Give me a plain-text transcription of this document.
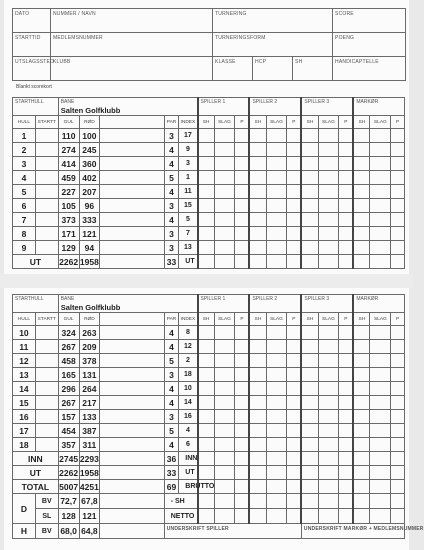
DATO	NUMMER / NAVN	TURNERING			SCORE

STARTTID	MEDLEMSNUMMER	TURNERINGSFORM			POENG

UTSLAGSSTED	KLUBB	KLASSE	HCP	SH	HANDICAPTELLE
Blankt scorekort
STARTHULL		BANE
Salten Golfklubb					SPILLER 1			SPILLER 2			SPILLER 3			MARKØR		

HULL	STARTT	GUL	RØD		PAR	INDEX	SH	SLAG	P	SH	SLAG	P	SH	SLAG	P	SH	SLAG	P
1		110	100		3	17												
2		274	245		4	9												
3		414	360		4	3												
4		459	402		5	1												
5		227	207		4	11												
6		105	96		3	15												
7		373	333		4	5												
8		171	121		3	7												
9		129	94		3	13												
UT		2262	1958		33	UT												
STARTHULL		BANE
Salten Golfklubb					SPILLER 1			SPILLER 2			SPILLER 3			MARKØR		

HULL	STARTT	GUL	RØD		PAR	INDEX	SH	SLAG	P	SH	SLAG	P	SH	SLAG	P	SH	SLAG	P
10		324	263		4	8												
11		267	209		4	12												
12		458	378		5	2												
13		165	131		3	18												
14		296	264		4	10												
15		267	217		4	14												
16		157	133		3	16												
17		454	387		5	4												
18		357	311		4	6												
INN		2745	2293		36	INN												
UT		2262	1958		33	UT												
TOTAL		5007	4251		69	BRUTTO												
D	BV	72,7	67,8		- SH													
	SL	128	121		NETTO													
H	BV	68,0	64,8		UNDERSKRIFT SPILLER								UNDERSKRIFT MARKØR + MEDLEMSNUMMER					
